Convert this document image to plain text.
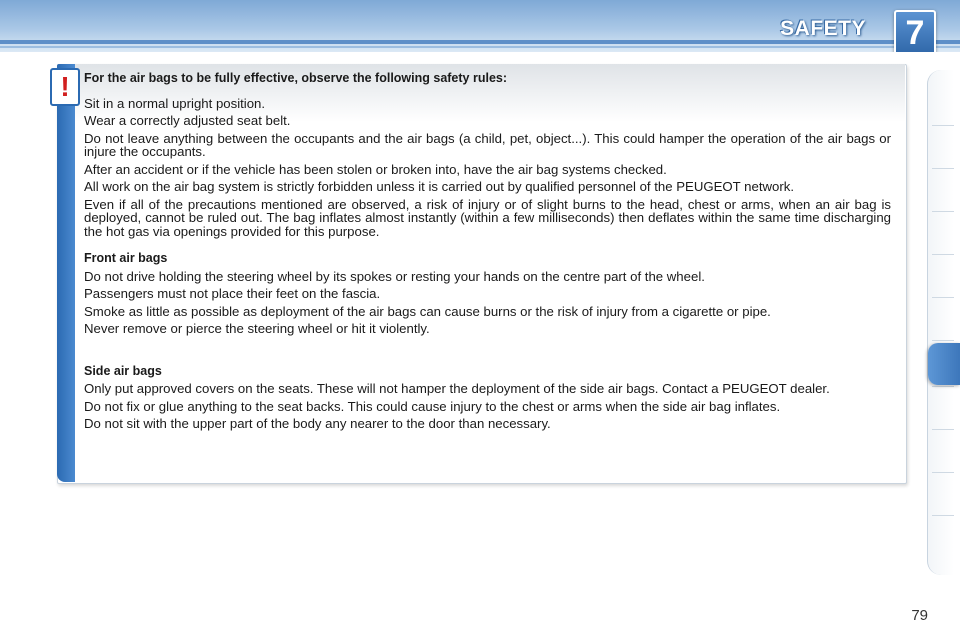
SAFETY	7
!	For the air bags to be fully effective, observe the following safety rules:

Sit in a normal upright position.

Wear a correctly adjusted seat belt.

Do not leave anything between the occupants and the air bags (a child, pet, object...). This could hamper the operation of the air bags or injure the occupants.

After an accident or if the vehicle has been stolen or broken into, have the air bag systems checked.

All work on the air bag system is strictly forbidden unless it is carried out by qualified personnel of the PEUGEOT network.

Even if all of the precautions mentioned are observed, a risk of injury or of slight burns to the head, chest or arms, when an air bag is deployed, cannot be ruled out. The bag inflates almost instantly (within a few milliseconds) then deflates within the same time discharging the hot gas via openings provided for this purpose.

Front air bags

Do not drive holding the steering wheel by its spokes or resting your hands on the centre part of the wheel.

Passengers must not place their feet on the fascia.

Smoke as little as possible as deployment of the air bags can cause burns or the risk of injury from a cigarette or pipe.

Never remove or pierce the steering wheel or hit it violently.

Side air bags

Only put approved covers on the seats. These will not hamper the deployment of the side air bags. Contact a PEUGEOT dealer.

Do not fix or glue anything to the seat backs. This could cause injury to the chest or arms when the side air bag inflates.

Do not sit with the upper part of the body any nearer to the door than necessary.

79
